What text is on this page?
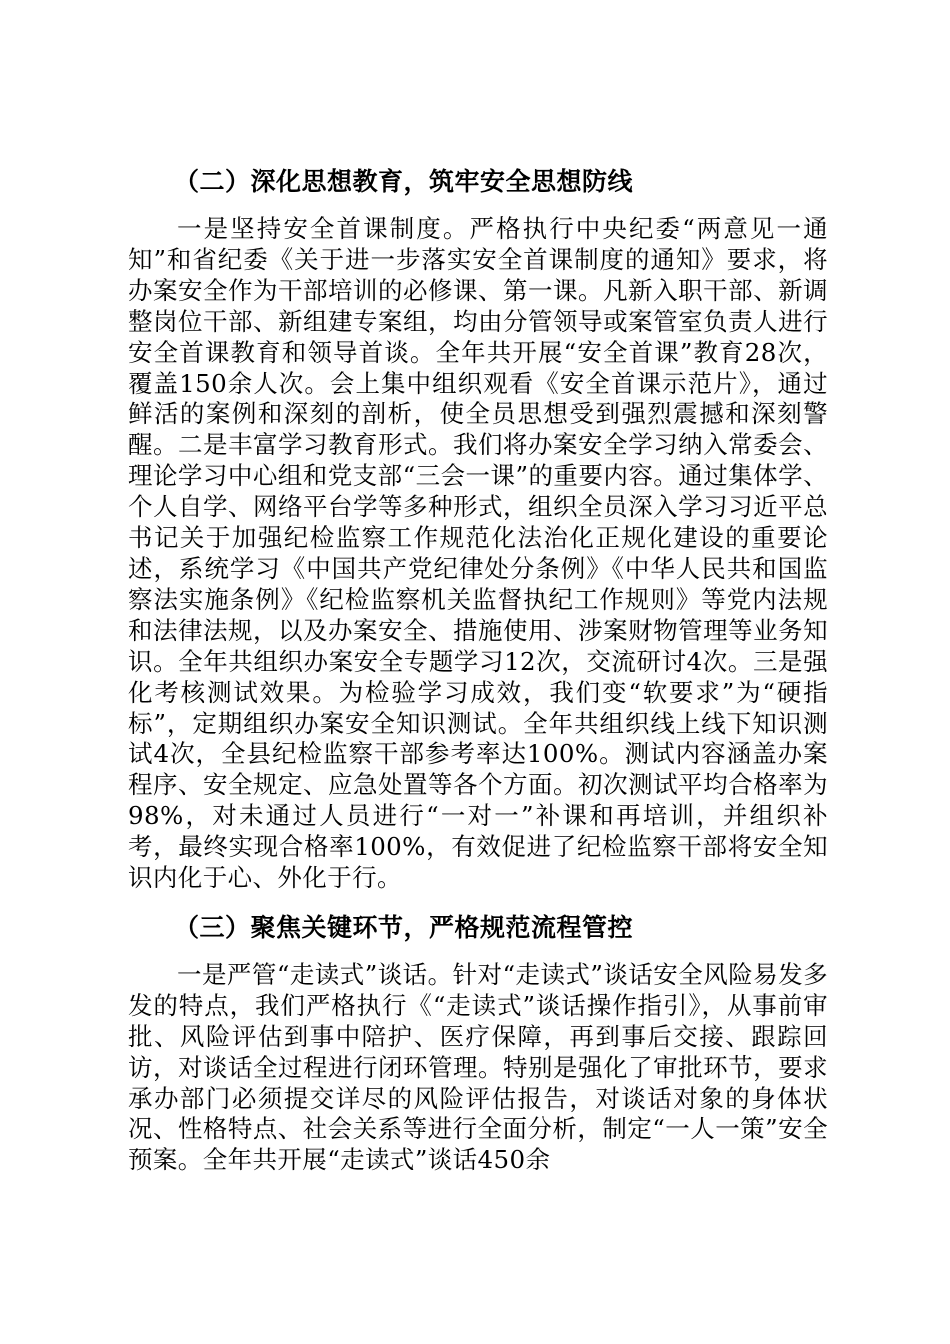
（二）深化思想教育，筑牢安全思想防线

一是坚持安全首课制度。严格执行中央纪委“两意见一通知”和省纪委《关于进一步落实安全首课制度的通知》要求，将办案安全作为干部培训的必修课、第一课。凡新入职干部、新调整岗位干部、新组建专案组，均由分管领导或案管室负责人进行安全首课教育和领导首谈。全年共开展“安全首课”教育28次，覆盖150余人次。会上集中组织观看《安全首课示范片》，通过鲜活的案例和深刻的剖析，使全员思想受到强烈震撼和深刻警醒。二是丰富学习教育形式。我们将办案安全学习纳入常委会、理论学习中心组和党支部“三会一课”的重要内容。通过集体学、个人自学、网络平台学等多种形式，组织全员深入学习习近平总书记关于加强纪检监察工作规范化法治化正规化建设的重要论述，系统学习《中国共产党纪律处分条例》《中华人民共和国监察法实施条例》《纪检监察机关监督执纪工作规则》等党内法规和法律法规，以及办案安全、措施使用、涉案财物管理等业务知识。全年共组织办案安全专题学习12次，交流研讨4次。三是强化考核测试效果。为检验学习成效，我们变“软要求”为“硬指标”，定期组织办案安全知识测试。全年共组织线上线下知识测试4次，全县纪检监察干部参考率达100%。测试内容涵盖办案程序、安全规定、应急处置等各个方面。初次测试平均合格率为98%，对未通过人员进行“一对一”补课和再培训，并组织补考，最终实现合格率100%，有效促进了纪检监察干部将安全知识内化于心、外化于行。

（三）聚焦关键环节，严格规范流程管控

一是严管“走读式”谈话。针对“走读式”谈话安全风险易发多发的特点，我们严格执行《“走读式”谈话操作指引》，从事前审批、风险评估到事中陪护、医疗保障，再到事后交接、跟踪回访，对谈话全过程进行闭环管理。特别是强化了审批环节，要求承办部门必须提交详尽的风险评估报告，对谈话对象的身体状况、性格特点、社会关系等进行全面分析，制定“一人一策”安全预案。全年共开展“走读式”谈话450余
